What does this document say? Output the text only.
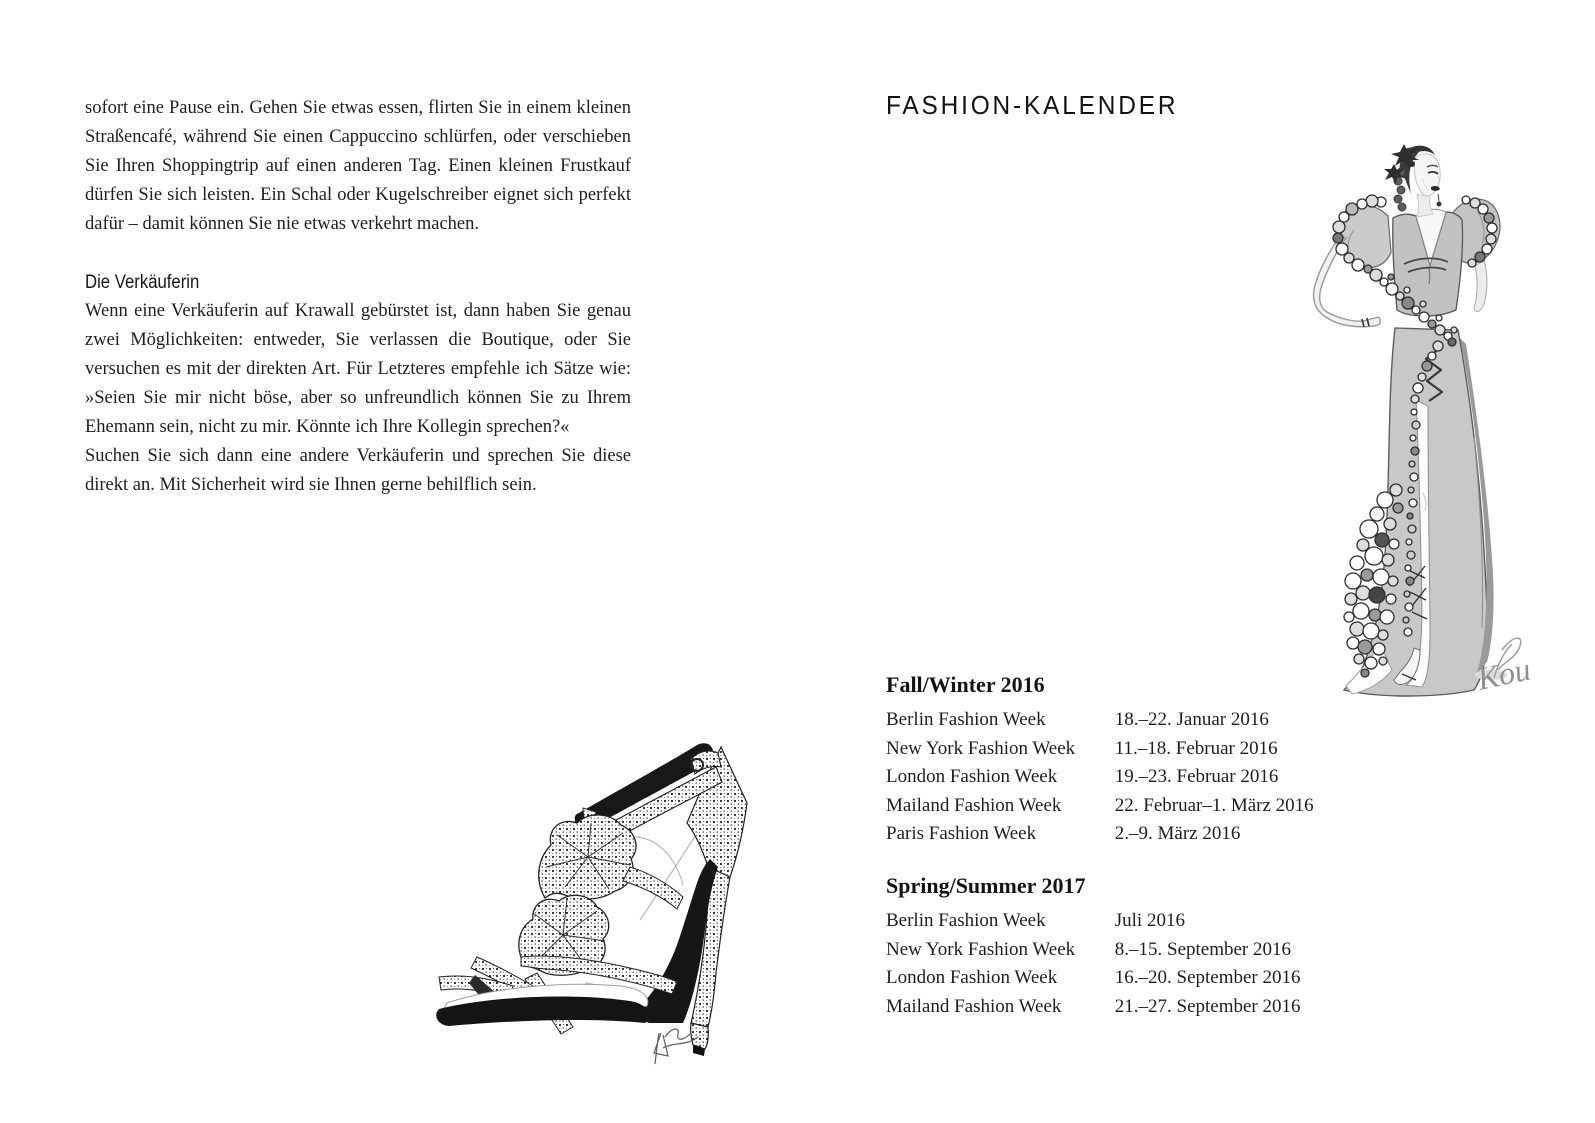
sofort eine Pause ein. Gehen Sie etwas essen, flirten Sie in einem kleinen Straßencafé, während Sie einen Cappuccino schlürfen, oder verschieben Sie Ihren Shoppingtrip auf einen anderen Tag. Einen kleinen Frustkauf dürfen Sie sich leisten. Ein Schal oder Kugelschreiber eignet sich perfekt dafür – damit können Sie nie etwas verkehrt machen.

Die Verkäuferin

Wenn eine Verkäuferin auf Krawall gebürstet ist, dann haben Sie genau zwei Möglichkeiten: entweder, Sie verlassen die Boutique, oder Sie versuchen es mit der direkten Art. Für Letzteres empfehle ich Sätze wie: »Seien Sie mir nicht böse, aber so unfreundlich können Sie zu Ihrem Ehemann sein, nicht zu mir. Könnte ich Ihre Kollegin sprechen?«

Suchen Sie sich dann eine andere Verkäuferin und sprechen Sie diese direkt an. Mit Sicherheit wird sie Ihnen gerne behilflich sein.

FASHION-KALENDER
Kou
Fall/Winter 2016
Berlin Fashion Week	18.–22. Januar 2016
New York Fashion Week 11.–18. Februar 2016
London Fashion Week	19.–23. Februar 2016
Mailand Fashion Week	22. Februar–1. März 2016
Paris Fashion Week	2.–9. März 2016
Spring/Summer 2017
Berlin Fashion Week	Juli 2016
New York Fashion Week 8.–15. September 2016
London Fashion Week	16.–20. September 2016
Mailand Fashion Week	21.–27. September 2016
